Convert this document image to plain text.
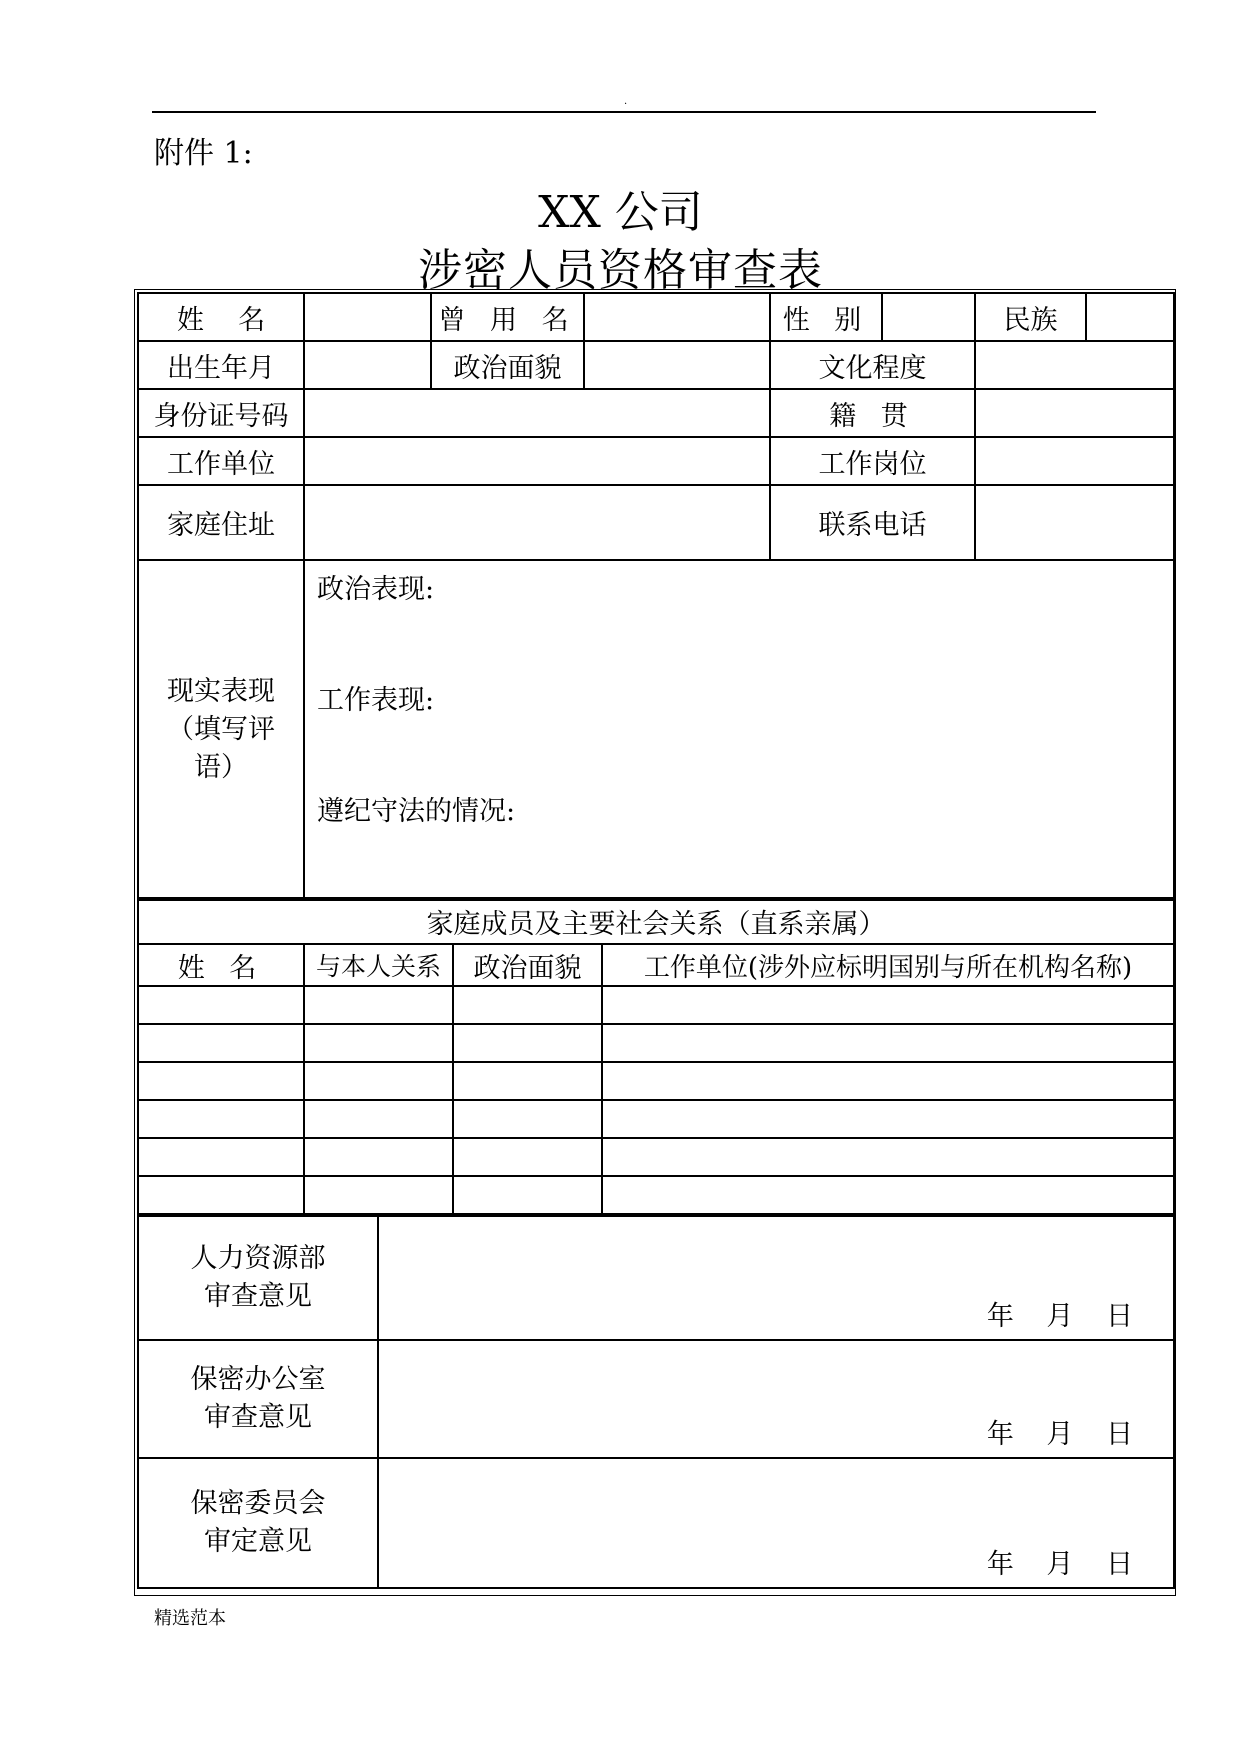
.
附件 1:
XX 公司
涉密人员资格审查表
姓    名		曾 用 名		性 别		民族	
出生年月		政治面貌		文化程度			
身份证号码				籍 贯			
工作单位				工作岗位			
家庭住址				联系电话			
现实表现（填写评语）	
政治表现:
工作表现:
遵纪守法的情况:
家庭成员及主要社会关系（直系亲属）			
姓 名	与本人关系	政治面貌	工作单位(涉外应标明国别与所在机构名称)

人力资源部
审查意见	年 月 日

保密办公室
审查意见	年 月 日

保密委员会
审定意见	年 月 日
精选范本
